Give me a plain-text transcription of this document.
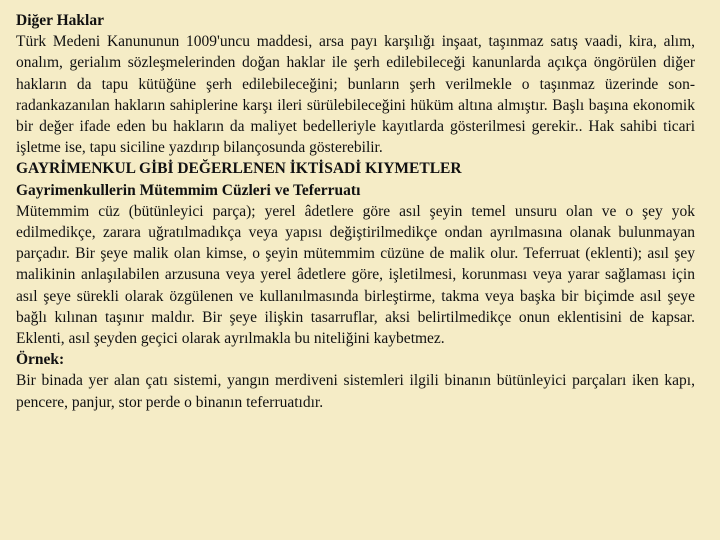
Diğer Haklar

Türk Medeni Kanununun 1009'uncu maddesi, arsa payı karşılığı inşaat, taşınmaz satış vaadi, kira, alım, onalım, gerialım sözleşmelerinden doğan haklar ile şerh edilebileceği kanunlarda açıkça öngörülen diğer hakların da tapu kütüğüne şerh edilebileceğini; bunların şerh verilmekle o taşınmaz üzerinde son-radankazanılan hakların sahiplerine karşı ileri sürülebileceğini hüküm altına almıştır. Başlı başına ekonomik bir değer ifade eden bu hakların da maliyet bedelleriyle kayıtlarda gösterilmesi gerekir.. Hak sahibi ticari işletme ise, tapu siciline yazdırıp bilançosunda gösterebilir.

GAYRİMENKUL GİBİ DEĞERLENEN İKTİSADİ KIYMETLER

Gayrimenkullerin Mütemmim Cüzleri ve Teferruatı

Mütemmim cüz (bütünleyici parça); yerel âdetlere göre asıl şeyin temel unsuru olan ve o şey yok edilmedikçe, zarara uğratılmadıkça veya yapısı değiştirilmedikçe ondan ayrılmasına olanak bulunmayan parçadır. Bir şeye malik olan kimse, o şeyin mütemmim cüzüne de malik olur. Teferruat (eklenti); asıl şey malikinin anlaşılabilen arzusuna veya yerel âdetlere göre, işletilmesi, korunması veya yarar sağlaması için asıl şeye sürekli olarak özgülenen ve kullanılmasında birleştirme, takma veya başka bir biçimde asıl şeye bağlı kılınan taşınır maldır. Bir şeye ilişkin tasarruflar, aksi belirtilmedikçe onun eklentisini de kapsar. Eklenti, asıl şeyden geçici olarak ayrılmakla bu niteliğini kaybetmez.

Örnek:

Bir binada yer alan çatı sistemi, yangın merdiveni sistemleri ilgili binanın bütünleyici parçaları iken kapı, pencere, panjur, stor perde o binanın teferruatıdır.
